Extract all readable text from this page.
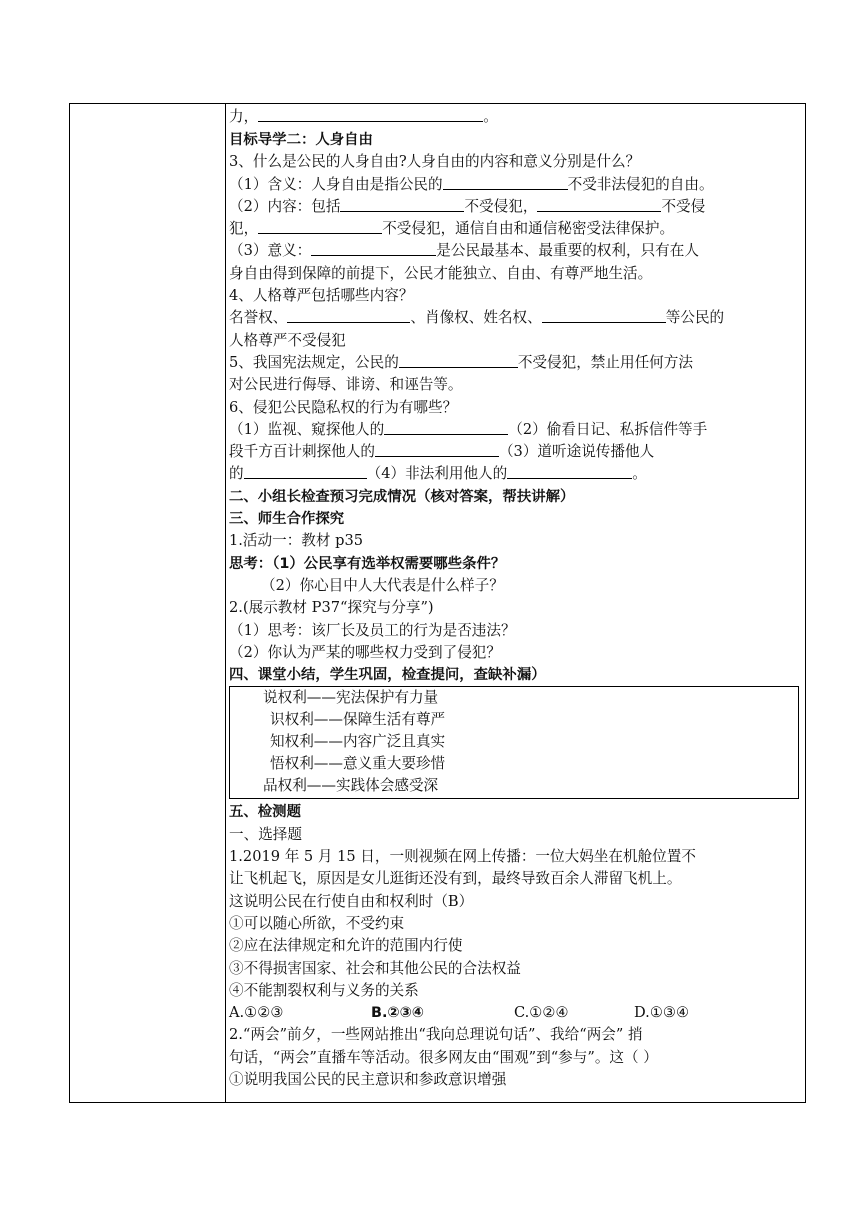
力，	。
目标导学二：人身自由
3、什么是公民的人身自由?人身自由的内容和意义分别是什么？
（1）含义：人身自由是指公民的	不受非法侵犯的自由。
（2）内容：包括	不受侵犯，	不受侵
犯，	不受侵犯，通信自由和通信秘密受法律保护。
（3）意义：	是公民最基本、最重要的权利，只有在人
身自由得到保障的前提下，公民才能独立、自由、有尊严地生活。
4、人格尊严包括哪些内容？
名誉权、	、肖像权、姓名权、	等公民的
人格尊严不受侵犯
5、我国宪法规定，公民的	不受侵犯，禁止用任何方法
对公民进行侮辱、诽谤、和诬告等。
6、侵犯公民隐私权的行为有哪些？
（1）监视、窥探他人的	（2）偷看日记、私拆信件等手
段千方百计刺探他人的	（3）道听途说传播他人
的	（4）非法利用他人的	。
二、小组长检查预习完成情况（核对答案，帮扶讲解）
三、师生合作探究
1.活动一：教材 p35
思考：（1）公民享有选举权需要哪些条件？
（2）你心目中人大代表是什么样子？
2.(展示教材 P37“探究与分享”)
（1）思考：该厂长及员工的行为是否违法？
（2）你认为严某的哪些权力受到了侵犯？
四、课堂小结，学生巩固，检查提问，查缺补漏）
说权利——宪法保护有力量
识权利——保障生活有尊严
知权利——内容广泛且真实
悟权利——意义重大要珍惜
品权利——实践体会感受深
五、检测题
一、选择题
1.2019 年 5 月 15 日，一则视频在网上传播：一位大妈坐在机舱位置不
让飞机起飞，原因是女儿逛街还没有到，最终导致百余人滞留飞机上。
这说明公民在行使自由和权利时（B）
①可以随心所欲，不受约束
②应在法律规定和允许的范围内行使
③不得损害国家、社会和其他公民的合法权益
④不能割裂权利与义务的关系
A.①②③	B.②③④	C.①②④	D.①③④
2.“两会”前夕，一些网站推出“我向总理说句话”、我给“两会” 捎
句话，“两会”直播车等活动。很多网友由“围观”到“参与”。这（ ）
①说明我国公民的民主意识和参政意识增强
